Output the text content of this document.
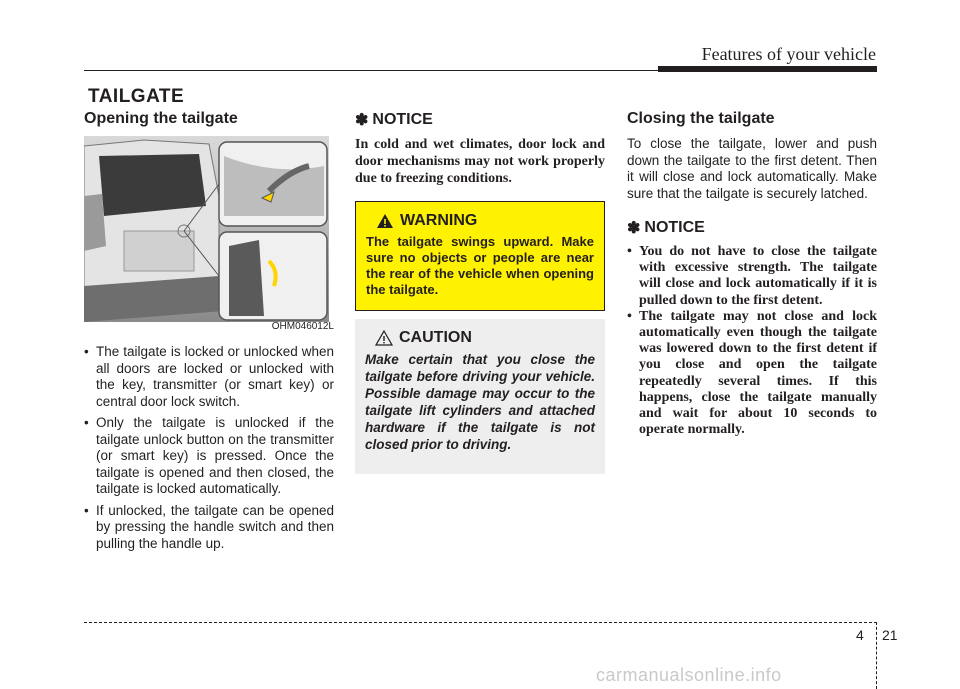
Features of your vehicle
TAILGATE
Opening the tailgate
OHM046012L
• The tailgate is locked or unlocked when all doors are locked or unlocked with the key, transmitter (or smart key) or central door lock switch.
• Only the tailgate is unlocked if the tailgate unlock button on the transmitter (or smart key) is pressed. Once the tailgate is opened and then closed, the tailgate is locked automatically.
• If unlocked, the tailgate can be opened by pressing the handle switch and then pulling the handle up.
✽ NOTICE

In cold and wet climates, door lock and door mechanisms may not work properly due to freezing conditions.

WARNING

The tailgate swings upward. Make sure no objects or people are near the rear of the vehicle when opening the tailgate.

CAUTION

Make certain that you close the tailgate before driving your vehicle. Possible damage may occur to the tailgate lift cylinders and attached hardware if the tailgate is not closed prior to driving.

Closing the tailgate

To close the tailgate, lower and push down the tailgate to the first detent. Then it will close and lock automatically. Make sure that the tailgate is securely latched.

✽ NOTICE
• You do not have to close the tailgate with excessive strength. The tailgate will close and lock automatically if it is pulled down to the first detent.
• The tailgate may not close and lock automatically even though the tailgate was lowered down to the first detent if you close and open the tailgate repeatedly several times. If this happens, close the tailgate manually and wait for about 10 seconds to operate normally.
4 21
carmanualsonline.info
